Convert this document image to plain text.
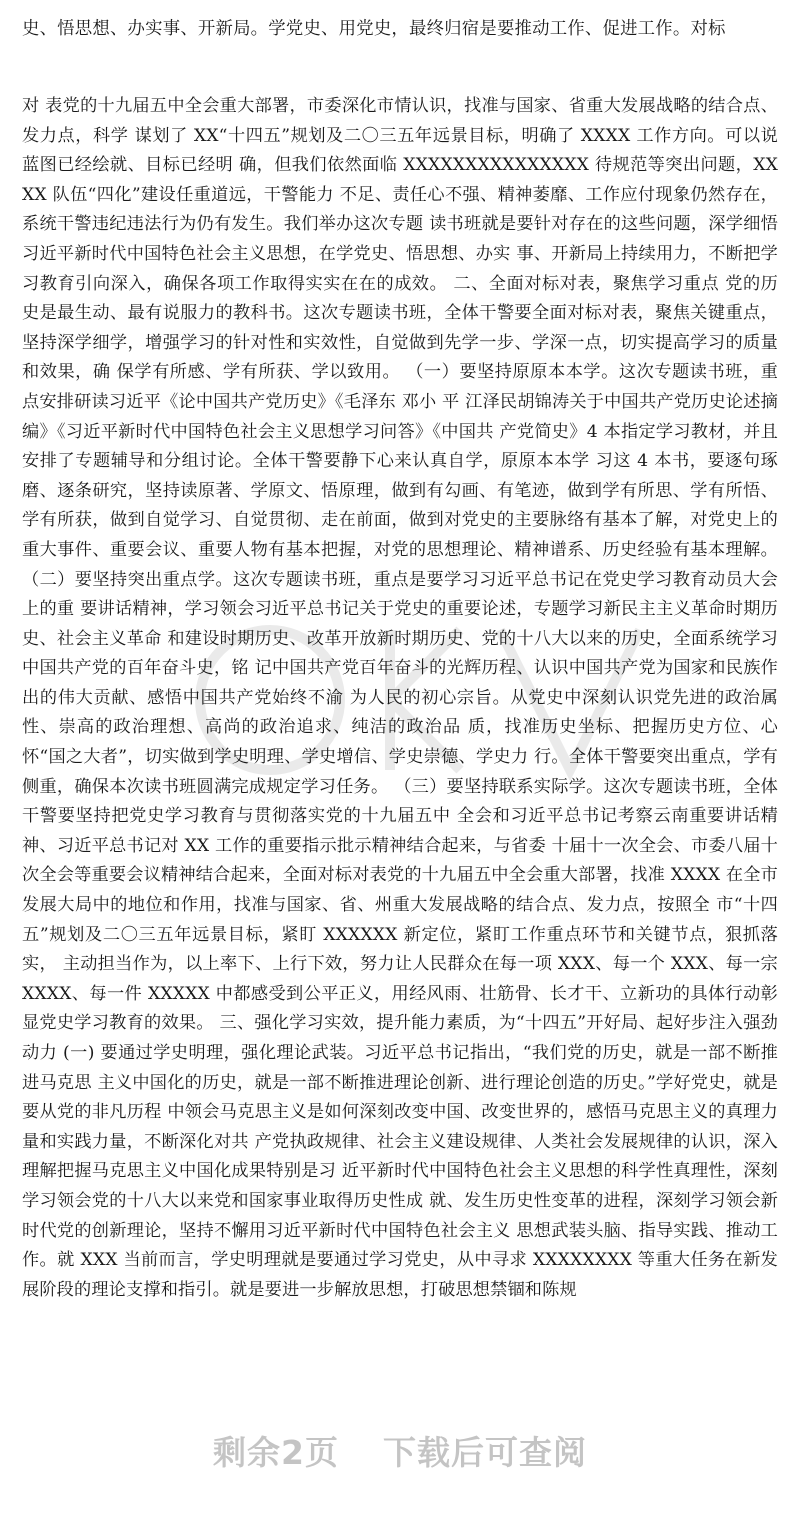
史、悟思想、办实事、开新局。学党史、用党史，最终归宿是要推动工作、促进工作。对标

对 表党的十九届五中全会重大部署，市委深化市情认识，找准与国家、省重大发展战略的结合点、发力点，科学 谋划了 XX“十四五”规划及二〇三五年远景目标，明确了 XXXX 工作方向。可以说蓝图已经绘就、目标已经明 确，但我们依然面临 XXXXXXXXXXXXXXX 待规范等突出问题，XXXX 队伍“四化”建设任重道远，干警能力 不足、责任心不强、精神萎靡、工作应付现象仍然存在，系统干警违纪违法行为仍有发生。我们举办这次专题 读书班就是要针对存在的这些问题，深学细悟习近平新时代中国特色社会主义思想，在学党史、悟思想、办实 事、开新局上持续用力，不断把学习教育引向深入，确保各项工作取得实实在在的成效。 二、全面对标对表，聚焦学习重点 党的历史是最生动、最有说服力的教科书。这次专题读书班，全体干警要全面对标对表，聚焦关键重点， 坚持深学细学，增强学习的针对性和实效性，自觉做到先学一步、学深一点，切实提高学习的质量和效果，确 保学有所感、学有所获、学以致用。 （一）要坚持原原本本学。这次专题读书班，重点安排研读习近平《论中国共产党历史》《毛泽东 邓小 平 江泽民胡锦涛关于中国共产党历史论述摘编》《习近平新时代中国特色社会主义思想学习问答》《中国共 产党简史》4 本指定学习教材，并且安排了专题辅导和分组讨论。全体干警要静下心来认真自学，原原本本学 习这 4 本书，要逐句琢磨、逐条研究，坚持读原著、学原文、悟原理，做到有勾画、有笔迹，做到学有所思、学有所悟、学有所获，做到自觉学习、自觉贯彻、走在前面，做到对党史的主要脉络有基本了解，对党史上的 重大事件、重要会议、重要人物有基本把握，对党的思想理论、精神谱系、历史经验有基本理解。 （二）要坚持突出重点学。这次专题读书班，重点是要学习习近平总书记在党史学习教育动员大会上的重 要讲话精神，学习领会习近平总书记关于党史的重要论述，专题学习新民主主义革命时期历史、社会主义革命 和建设时期历史、改革开放新时期历史、党的十八大以来的历史，全面系统学习中国共产党的百年奋斗史，铭 记中国共产党百年奋斗的光辉历程、认识中国共产党为国家和民族作出的伟大贡献、感悟中国共产党始终不渝 为人民的初心宗旨。从党史中深刻认识党先进的政治属性、崇高的政治理想、高尚的政治追求、纯洁的政治品 质，找准历史坐标、把握历史方位、心怀“国之大者”，切实做到学史明理、学史增信、学史崇德、学史力 行。全体干警要突出重点，学有侧重，确保本次读书班圆满完成规定学习任务。 （三）要坚持联系实际学。这次专题读书班，全体干警要坚持把党史学习教育与贯彻落实党的十九届五中 全会和习近平总书记考察云南重要讲话精神、习近平总书记对 XX 工作的重要指示批示精神结合起来，与省委 十届十一次全会、市委八届十次全会等重要会议精神结合起来，全面对标对表党的十九届五中全会重大部署，找准 XXXX 在全市发展大局中的地位和作用，找准与国家、省、州重大发展战略的结合点、发力点，按照全 市“十四五”规划及二〇三五年远景目标，紧盯 XXXXXX 新定位，紧盯工作重点环节和关键节点，狠抓落实， 主动担当作为，以上率下、上行下效，努力让人民群众在每一项 XXX、每一个 XXX、每一宗 XXXX、每一件 XXXXX 中都感受到公平正义，用经风雨、壮筋骨、长才干、立新功的具体行动彰显党史学习教育的效果。 三、强化学习实效，提升能力素质，为“十四五”开好局、起好步注入强劲动力 (一) 要通过学史明理，强化理论武装。习近平总书记指出，“我们党的历史，就是一部不断推进马克思 主义中国化的历史，就是一部不断推进理论创新、进行理论创造的历史。”学好党史，就是要从党的非凡历程 中领会马克思主义是如何深刻改变中国、改变世界的，感悟马克思主义的真理力量和实践力量，不断深化对共 产党执政规律、社会主义建设规律、人类社会发展规律的认识，深入理解把握马克思主义中国化成果特别是习 近平新时代中国特色社会主义思想的科学性真理性，深刻学习领会党的十八大以来党和国家事业取得历史性成 就、发生历史性变革的进程，深刻学习领会新时代党的创新理论，坚持不懈用习近平新时代中国特色社会主义 思想武装头脑、指导实践、推动工作。就 XXX 当前而言，学史明理就是要通过学习党史，从中寻求 XXXXXXXX 等重大任务在新发展阶段的理论支撑和指引。就是要进一步解放思想，打破思想禁锢和陈规

剩余2页 下载后可查阅
